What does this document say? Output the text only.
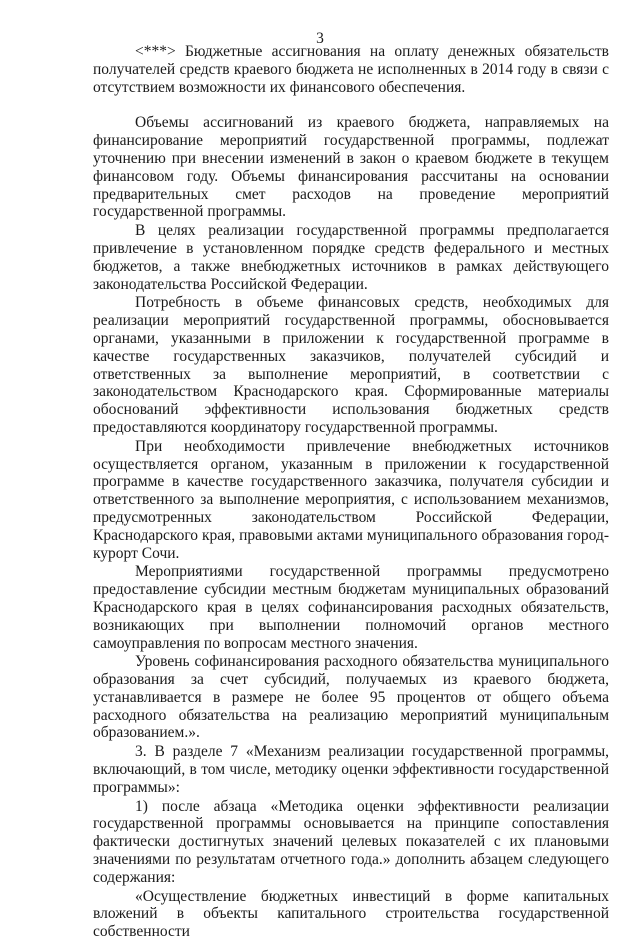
3

<***> Бюджетные ассигнования на оплату денежных обязательств получателей средств краевого бюджета не исполненных в 2014 году в связи с отсутствием возможности их финансового обеспечения.

Объемы ассигнований из краевого бюджета, направляемых на финансирование мероприятий государственной программы, подлежат уточнению при внесении изменений в закон о краевом бюджете в текущем финансовом году. Объемы финансирования рассчитаны на основании предварительных смет расходов на проведение мероприятий государственной программы.

В целях реализации государственной программы предполагается привлечение в установленном порядке средств федерального и местных бюджетов, а также внебюджетных источников в рамках действующего законодательства Российской Федерации.

Потребность в объеме финансовых средств, необходимых для реализации мероприятий государственной программы, обосновывается органами, указанными в приложении к государственной программе в качестве государственных заказчиков, получателей субсидий и ответственных за выполнение мероприятий, в соответствии с законодательством Краснодарского края. Сформированные материалы обоснований эффективности использования бюджетных средств предоставляются координатору государственной программы.

При необходимости привлечение внебюджетных источников осуществляется органом, указанным в приложении к государственной программе в качестве государственного заказчика, получателя субсидии и ответственного за выполнение мероприятия, с использованием механизмов, предусмотренных законодательством Российской Федерации, Краснодарского края, правовыми актами муниципального образования город-курорт Сочи.

Мероприятиями государственной программы предусмотрено предоставление субсидии местным бюджетам муниципальных образований Краснодарского края в целях софинансирования расходных обязательств, возникающих при выполнении полномочий органов местного самоуправления по вопросам местного значения.

Уровень софинансирования расходного обязательства муниципального образования за счет субсидий, получаемых из краевого бюджета, устанавливается в размере не более 95 процентов от общего объема расходного обязательства на реализацию мероприятий муниципальным образованием.».

3. В разделе 7 «Механизм реализации государственной программы, включающий, в том числе, методику оценки эффективности государственной программы»:

1) после абзаца «Методика оценки эффективности реализации государственной программы основывается на принципе сопоставления фактически достигнутых значений целевых показателей с их плановыми значениями по результатам отчетного года.» дополнить абзацем следующего содержания:

«Осуществление бюджетных инвестиций в форме капитальных вложений в объекты капитального строительства государственной собственности
